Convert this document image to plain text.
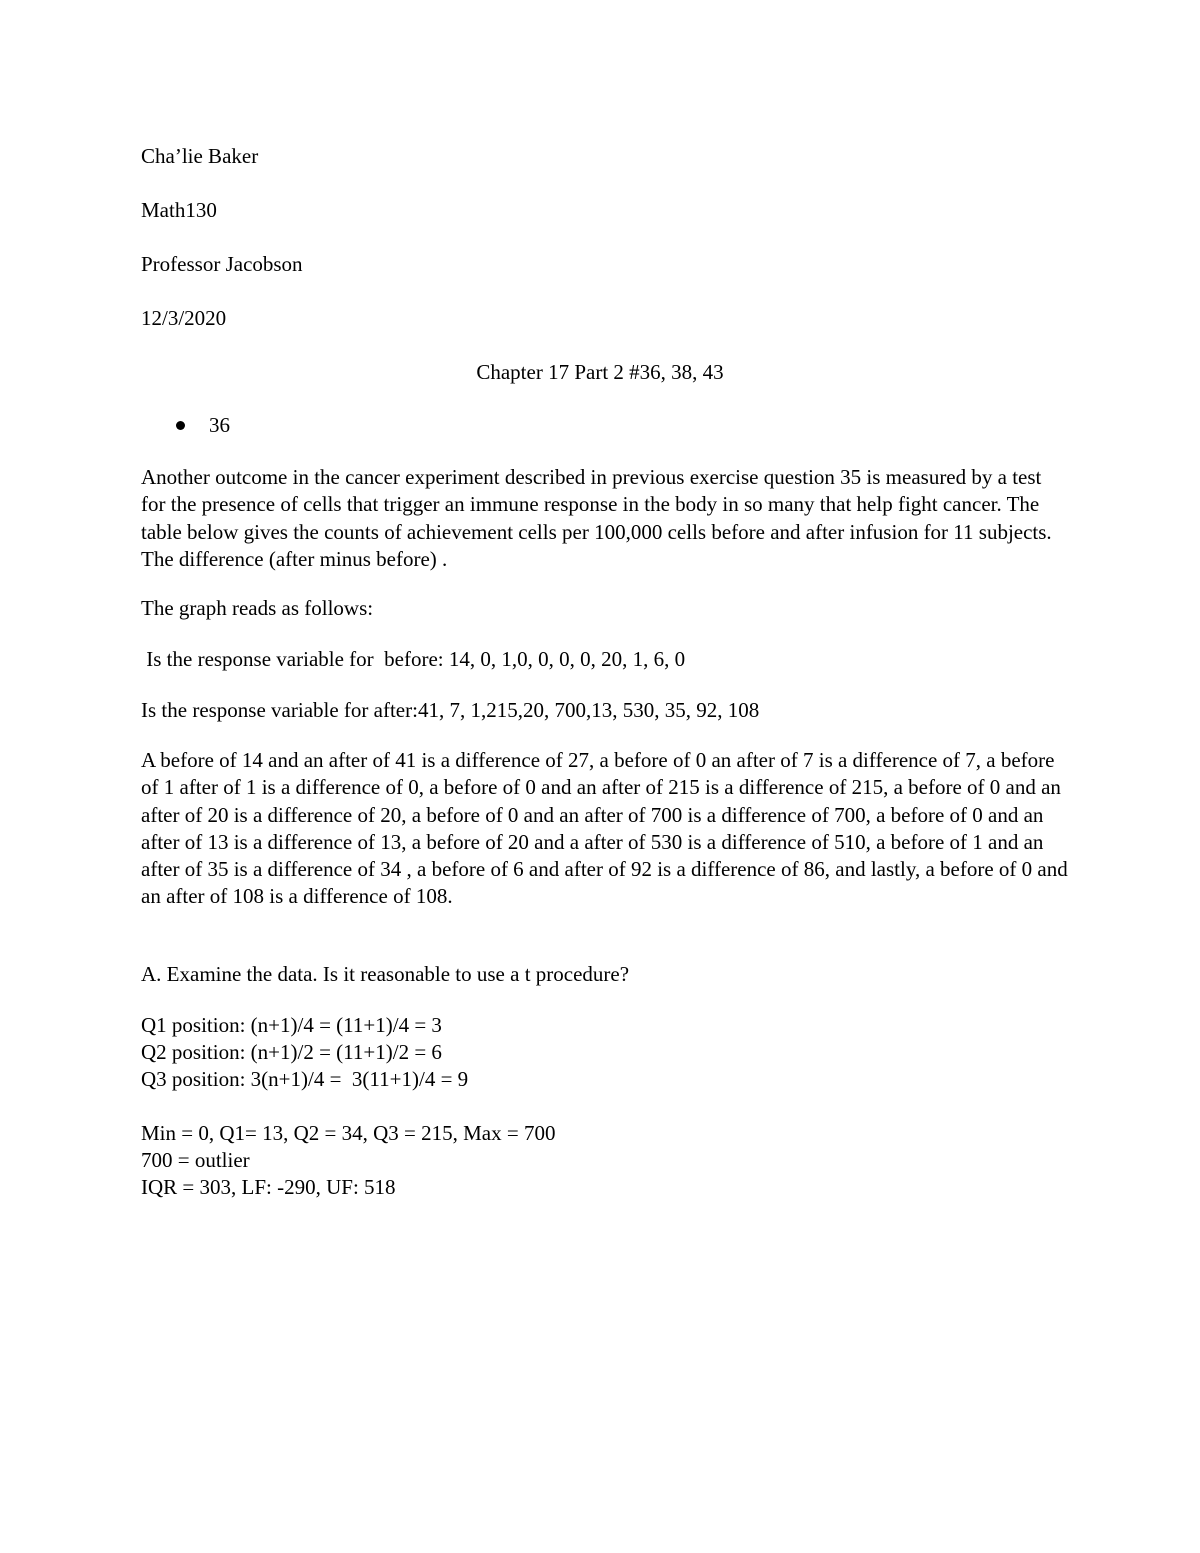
Cha’lie Baker

Math130

Professor Jacobson

12/3/2020

Chapter 17 Part 2 #36, 38, 43

36

Another outcome in the cancer experiment described in previous exercise question 35 is measured by a test for the presence of cells that trigger an immune response in the body in so many that help fight cancer. The table below gives the counts of achievement cells per 100,000 cells before and after infusion for 11 subjects. The difference (after minus before) .

The graph reads as follows:

Is the response variable for  before: 14, 0, 1,0, 0, 0, 0, 20, 1, 6, 0

Is the response variable for after:41, 7, 1,215,20, 700,13, 530, 35, 92, 108

A before of 14 and an after of 41 is a difference of 27, a before of 0 an after of 7 is a difference of 7, a before of 1 after of 1 is a difference of 0, a before of 0 and an after of 215 is a difference of 215, a before of 0 and an after of 20 is a difference of 20, a before of 0 and an after of 700 is a difference of 700, a before of 0 and an after of 13 is a difference of 13, a before of 20 and a after of 530 is a difference of 510, a before of 1 and an after of 35 is a difference of 34 , a before of 6 and after of 92 is a difference of 86, and lastly, a before of 0 and an after of 108 is a difference of 108.

A. Examine the data. Is it reasonable to use a t procedure?

Q1 position: (n+1)/4 = (11+1)/4 = 3
Q2 position: (n+1)/2 = (11+1)/2 = 6
Q3 position: 3(n+1)/4 =  3(11+1)/4 = 9
Min = 0, Q1= 13, Q2 = 34, Q3 = 215, Max = 700
700 = outlier
IQR = 303, LF: -290, UF: 518
